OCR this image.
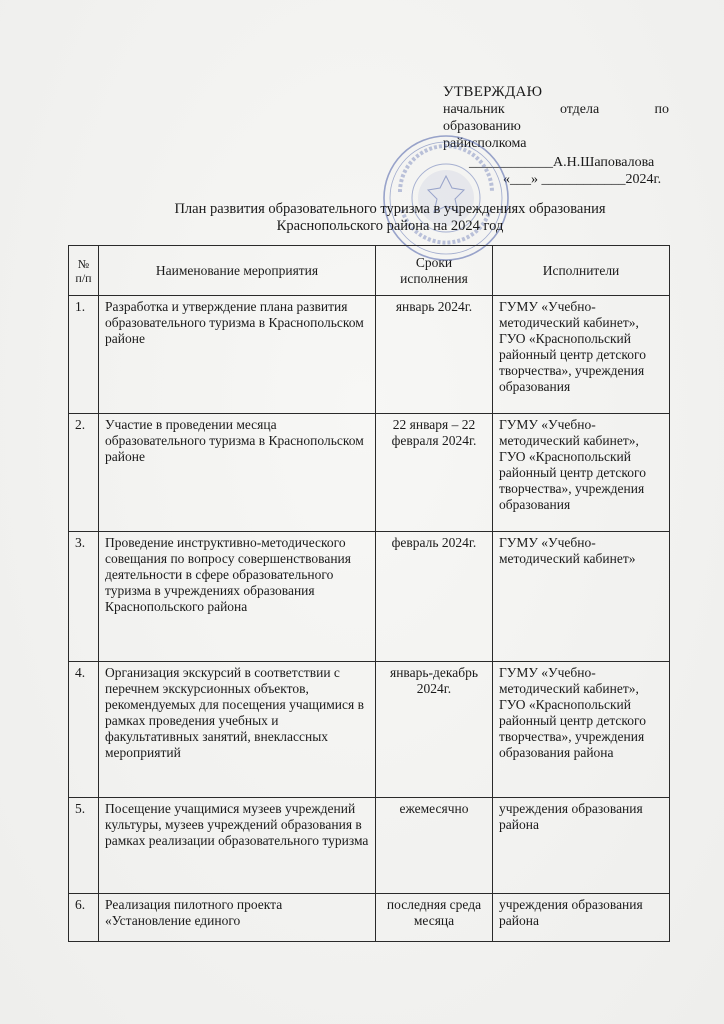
УТВЕРЖДАЮ
начальник	отдела	по
образованию
райисполкома
____________А.Н.Шаповалова
«___» ____________2024г.
План развития образовательного туризма в учреждениях образования
Краснопольского района на 2024 год
№ п/п	Наименование мероприятия	Сроки исполнения	Исполнители
1.	Разработка и утверждение плана развития образовательного туризма в Краснопольском районе	январь 2024г.	ГУМУ «Учебно-методический кабинет», ГУО «Краснопольский районный центр детского творчества», учреждения образования
2.	Участие в проведении месяца образовательного туризма в Краснопольском районе	22 января – 22 февраля 2024г.	ГУМУ «Учебно-методический кабинет», ГУО «Краснопольский районный центр детского творчества», учреждения образования
3.	Проведение инструктивно-методического совещания по вопросу совершенствования деятельности в сфере образовательного туризма в учреждениях образования Краснопольского района	февраль 2024г.	ГУМУ «Учебно-методический кабинет»
4.	Организация экскурсий в соответствии с перечнем экскурсионных объектов, рекомендуемых для посещения учащимися в рамках проведения учебных и факультативных занятий, внеклассных мероприятий	январь-декабрь 2024г.	ГУМУ «Учебно-методический кабинет», ГУО «Краснопольский районный центр детского творчества», учреждения образования района
5.	Посещение учащимися музеев учреждений культуры, музеев учреждений образования в рамках реализации образовательного туризма	ежемесячно	учреждения образования района
6.	Реализация пилотного проекта «Установление единого	последняя среда месяца	учреждения образования района
